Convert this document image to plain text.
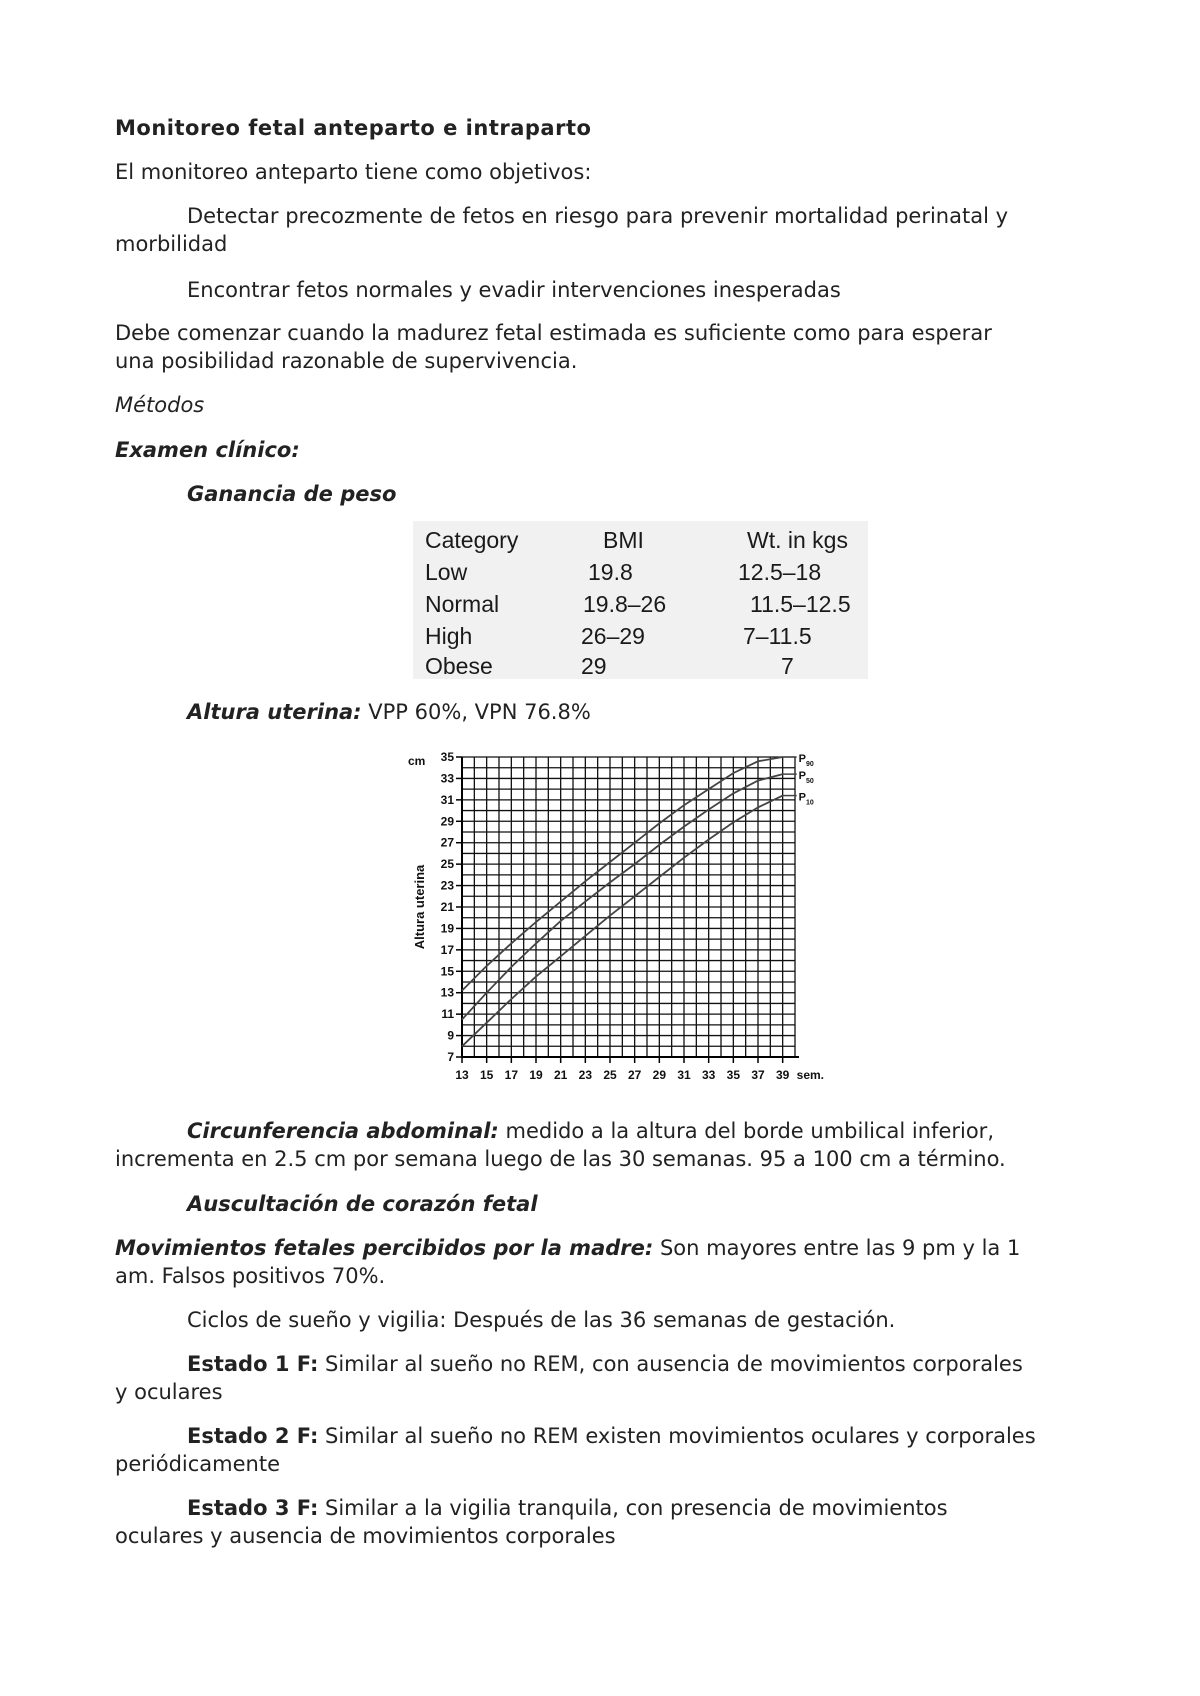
Monitoreo fetal anteparto e intraparto

El monitoreo anteparto tiene como objetivos:

Detectar precozmente de fetos en riesgo para prevenir mortalidad perinatal y

morbilidad

Encontrar fetos normales y evadir intervenciones inesperadas

Debe comenzar cuando la madurez fetal estimada es suficiente como para esperar

una posibilidad razonable de supervivencia.

Métodos

Examen clínico:

Ganancia de peso

Category	BMI	Wt. in kgs
Low	19.8	12.5–18
Normal	19.8–26	11.5–12.5
High	26–29	7–11.5
Obese	29	7

Altura uterina: VPP 60%, VPN 76.8%

7
9
11
13
15
17
19
21
23
25
27
29
31
33
35
13 15 17 19 21 23 25 27 29 31 33 35 37 39
cm
sem.
Altura uterina
$P_{90}$
$P_{50}$
$P_{10}$

Circunferencia abdominal: medido a la altura del borde umbilical inferior,

incrementa en 2.5 cm por semana luego de las 30 semanas. 95 a 100 cm a término.

Auscultación de corazón fetal

Movimientos fetales percibidos por la madre: Son mayores entre las 9 pm y la 1

am. Falsos positivos 70%.

Ciclos de sueño y vigilia: Después de las 36 semanas de gestación.

Estado 1 F: Similar al sueño no REM, con ausencia de movimientos corporales

y oculares

Estado 2 F: Similar al sueño no REM existen movimientos oculares y corporales

periódicamente

Estado 3 F: Similar a la vigilia tranquila, con presencia de movimientos

oculares y ausencia de movimientos corporales
